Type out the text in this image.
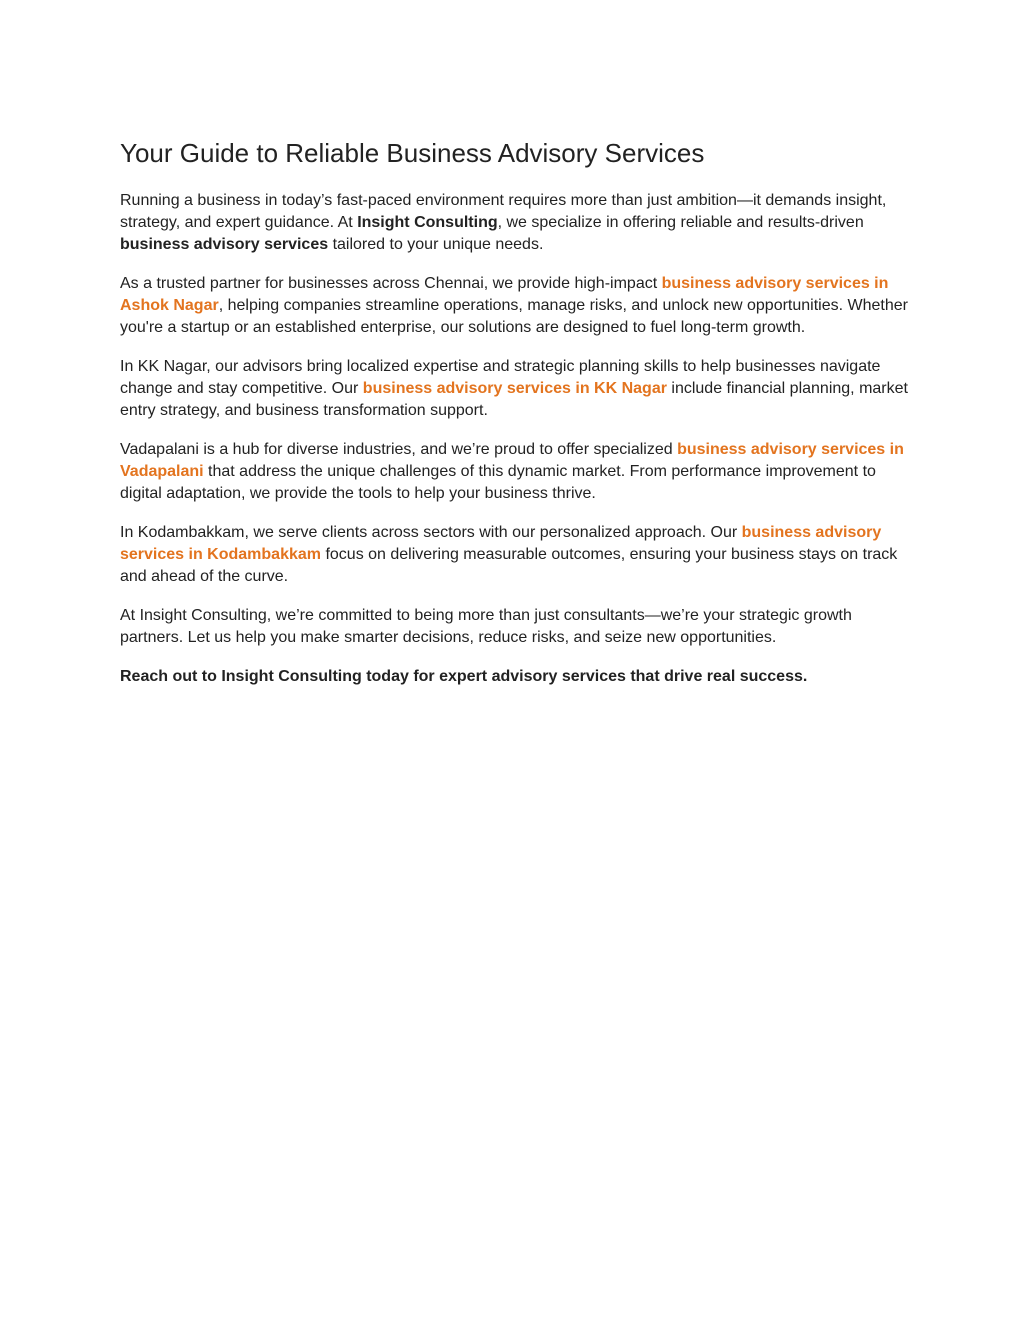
Your Guide to Reliable Business Advisory Services

Running a business in today’s fast-paced environment requires more than just ambition—it demands insight, strategy, and expert guidance. At Insight Consulting, we specialize in offering reliable and results-driven business advisory services tailored to your unique needs.

As a trusted partner for businesses across Chennai, we provide high-impact business advisory services in Ashok Nagar, helping companies streamline operations, manage risks, and unlock new opportunities. Whether you're a startup or an established enterprise, our solutions are designed to fuel long-term growth.

In KK Nagar, our advisors bring localized expertise and strategic planning skills to help businesses navigate change and stay competitive. Our business advisory services in KK Nagar include financial planning, market entry strategy, and business transformation support.

Vadapalani is a hub for diverse industries, and we’re proud to offer specialized business advisory services in Vadapalani that address the unique challenges of this dynamic market. From performance improvement to digital adaptation, we provide the tools to help your business thrive.

In Kodambakkam, we serve clients across sectors with our personalized approach. Our business advisory services in Kodambakkam focus on delivering measurable outcomes, ensuring your business stays on track and ahead of the curve.

At Insight Consulting, we’re committed to being more than just consultants—we’re your strategic growth partners. Let us help you make smarter decisions, reduce risks, and seize new opportunities.

Reach out to Insight Consulting today for expert advisory services that drive real success.
